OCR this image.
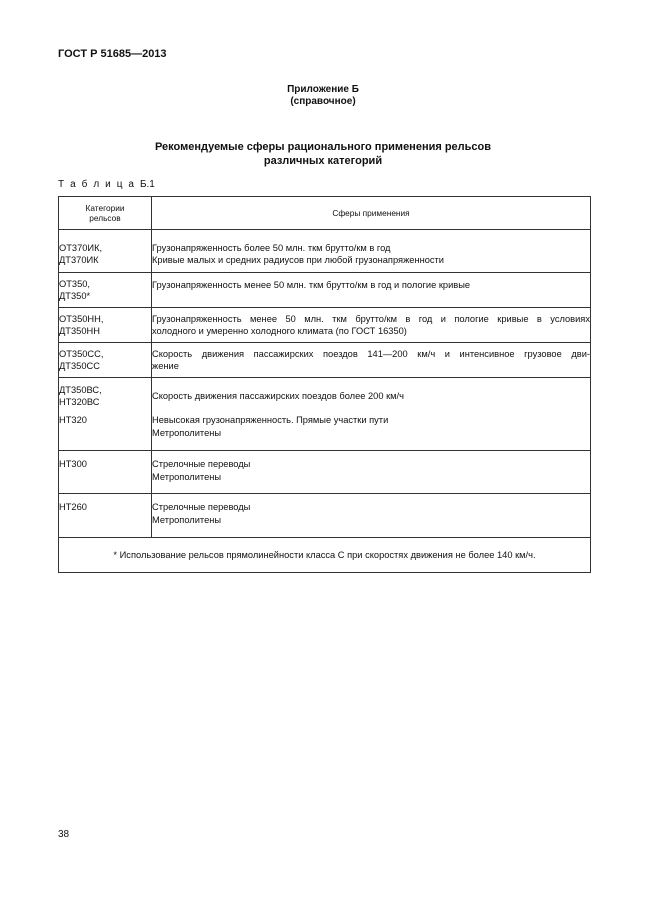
ГОСТ Р 51685—2013
Приложение Б
(справочное)
Рекомендуемые сферы рационального применения рельсов
различных категорий
Т а б л и ц а Б.1
Категории
рельсов	Сферы применения

ОТ370ИК,
ДТ370ИК	Грузонапряженность более 50 млн. ткм брутто/км в год
Кривые малых и средних радиусов при любой грузонапряженности

ОТ350,
ДТ350*	Грузонапряженность менее 50 млн. ткм брутто/км в год и пологие кривые

ОТ350НН,
ДТ350НН	Грузонапряженность менее 50 млн. ткм брутто/км в год и пологие кривые в условиях
холодного и умеренно холодного климата (по ГОСТ 16350)

ОТ350СС,
ДТ350СС	Скорость движения пассажирских поездов 141—200 км/ч и интенсивное грузовое дви-
жение

ДТ350ВС,
НТ320ВС	Скорость движения пассажирских поездов более 200 км/ч

НТ320	Невысокая грузонапряженность. Прямые участки пути
Метрополитены

НТ300	Стрелочные переводы
Метрополитены

НТ260	Стрелочные переводы
Метрополитены

* Использование рельсов прямолинейности класса С при скоростях движения не более 140 км/ч.	
38
